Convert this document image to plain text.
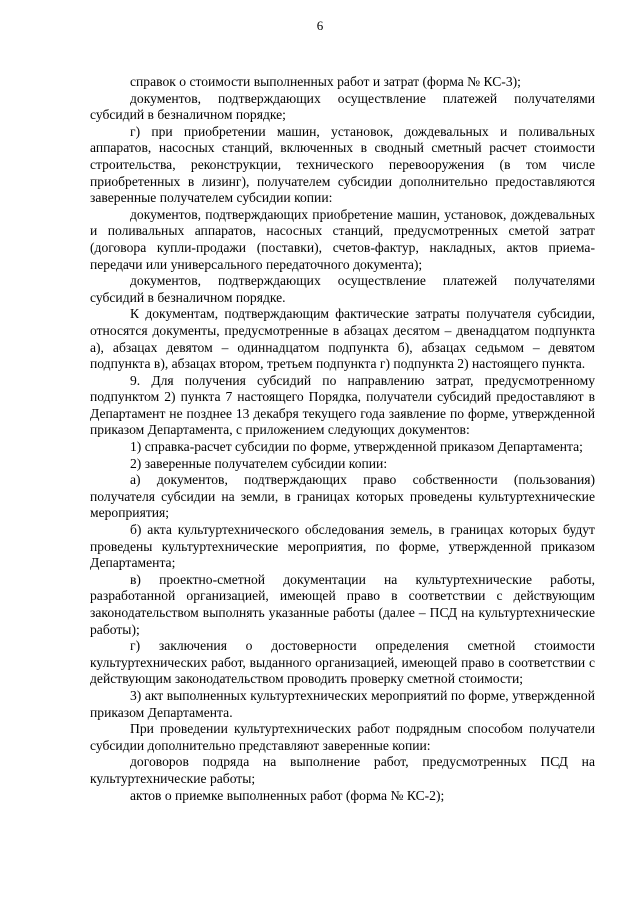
6

справок о стоимости выполненных работ и затрат (форма № КС-3);

документов, подтверждающих осуществление платежей получателями субсидий в безналичном порядке;

г) при приобретении машин, установок, дождевальных и поливальных аппаратов, насосных станций, включенных в сводный сметный расчет стоимости строительства, реконструкции, технического перевооружения (в том числе приобретенных в лизинг), получателем субсидии дополнительно предоставляются заверенные получателем субсидии копии:

документов, подтверждающих приобретение машин, установок, дождевальных и поливальных аппаратов, насосных станций, предусмотренных сметой затрат (договора купли-продажи (поставки), счетов-фактур, накладных, актов приема-передачи или универсального передаточного документа);

документов, подтверждающих осуществление платежей получателями субсидий в безналичном порядке.

К документам, подтверждающим фактические затраты получателя субсидии, относятся документы, предусмотренные в абзацах десятом – двенадцатом подпункта а), абзацах девятом – одиннадцатом подпункта б), абзацах седьмом – девятом подпункта в), абзацах втором, третьем подпункта г) подпункта 2) настоящего пункта.

9. Для получения субсидий по направлению затрат, предусмотренному подпунктом 2) пункта 7 настоящего Порядка, получатели субсидий предоставляют в Департамент не позднее 13 декабря текущего года заявление по форме, утвержденной приказом Департамента, с приложением следующих документов:

1) справка-расчет субсидии по форме, утвержденной приказом Департамента;

2) заверенные получателем субсидии копии:

а) документов, подтверждающих право собственности (пользования) получателя субсидии на земли, в границах которых проведены культуртехнические мероприятия;

б) акта культуртехнического обследования земель, в границах которых будут проведены культуртехнические мероприятия, по форме, утвержденной приказом Департамента;

в) проектно-сметной документации на культуртехнические работы, разработанной организацией, имеющей право в соответствии с действующим законодательством выполнять указанные работы (далее – ПСД на культуртехнические работы);

г) заключения о достоверности определения сметной стоимости культуртехнических работ, выданного организацией, имеющей право в соответствии с действующим законодательством проводить проверку сметной стоимости;

3) акт выполненных культуртехнических мероприятий по форме, утвержденной приказом Департамента.

При проведении культуртехнических работ подрядным способом получатели субсидии дополнительно представляют заверенные копии:

договоров подряда на выполнение работ, предусмотренных ПСД на культуртехнические работы;

актов о приемке выполненных работ (форма № КС-2);
